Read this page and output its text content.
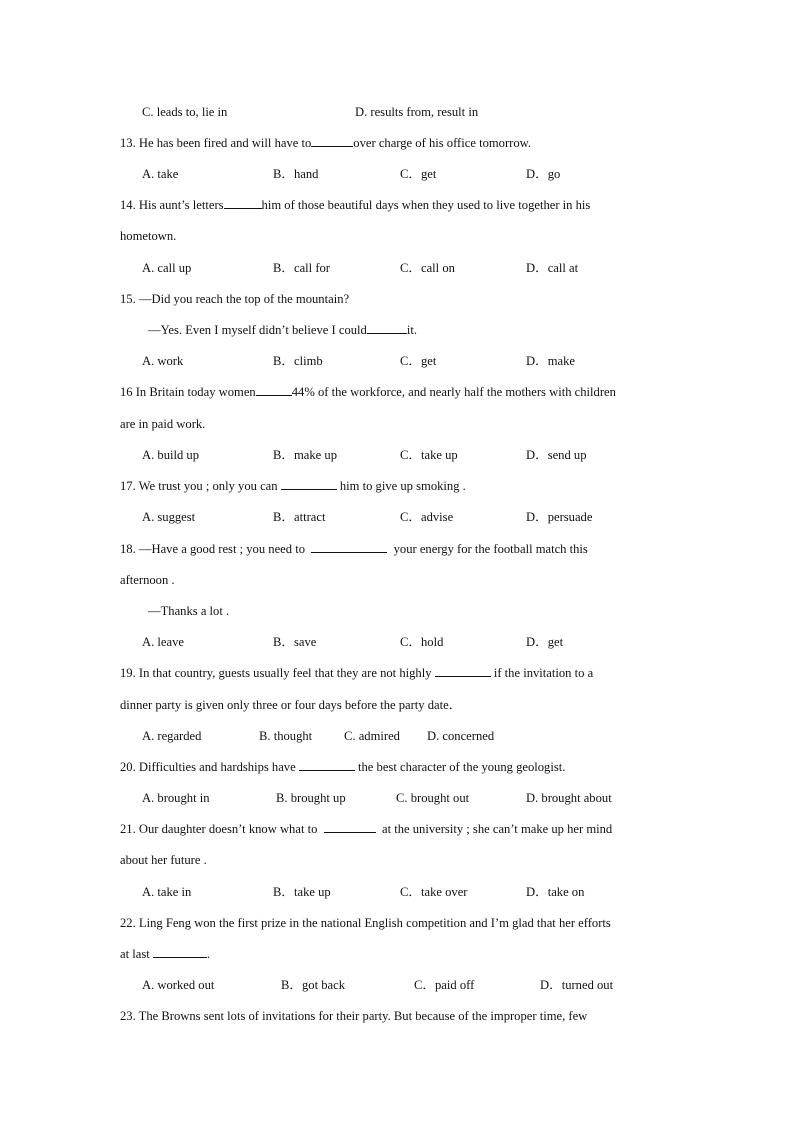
C. leads to, lie in	D. results from, result in
13. He has been fired and will have to	over charge of his office tomorrow.
A. take	B．hand	C．get	D．go
14. His aunt’s letters	him of those beautiful days when they used to live together in his
hometown.
A. call up	B．call for	C．call on	D．call at
15. —Did you reach the top of the mountain?
—Yes. Even I myself didn’t believe I could	it.
A. work	B．climb	C．get	D．make
16 In Britain today women	44% of the workforce, and nearly half the mothers with children
are in paid work.
A. build up	B．make up	C．take up	D．send up
17. We trust you ; only you can	him to give up smoking .
A. suggest	B．attract	C．advise	D．persuade
18. —Have a good rest ; you need to	your energy for the football match this
afternoon .
—Thanks a lot .
A. leave	B．save	C．hold	D．get
19. In that country, guests usually feel that they are not highly	if the invitation to a
dinner party is given only three or four days before the party date．
A. regarded	B. thought	C. admired D. concerned
20. Difficulties and hardships have	the best character of the young geologist.
A. brought in	B. brought up	C. brought out	D. brought about
21. Our daughter doesn’t know what to	at the university ; she can’t make up her mind
about her future .
A. take in	B．take up	C．take over	D．take on
22. Ling Feng won the first prize in the national English competition and I’m glad that her efforts
at last	.
A. worked out	B．got back	C．paid off	D．turned out
23. The Browns sent lots of invitations for their party. But because of the improper time, few
